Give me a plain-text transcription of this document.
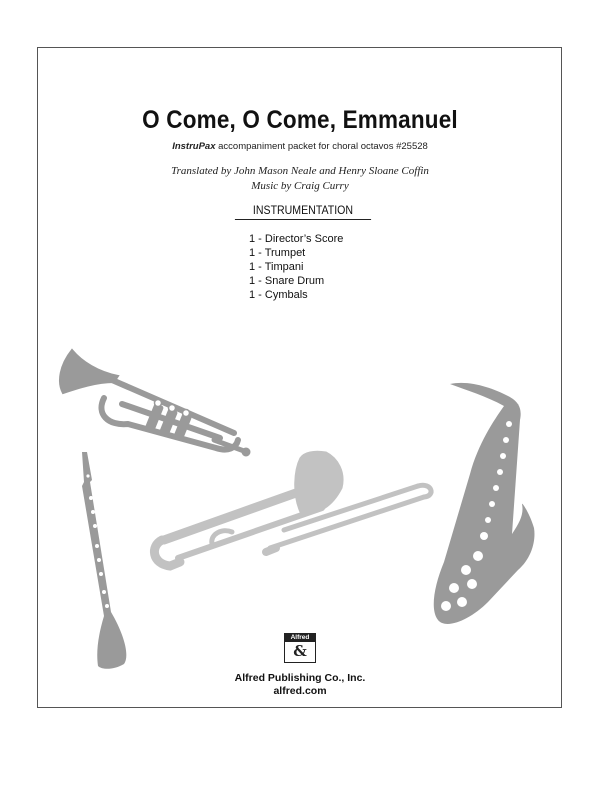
O Come, O Come, Emmanuel
InstruPax accompaniment packet for choral octavos #25528
Translated by John Mason Neale and Henry Sloane Coffin
Music by Craig Curry
INSTRUMENTATION
1 - Director’s Score
1 - Trumpet
1 - Timpani
1 - Snare Drum
1 - Cymbals
Alfred
&
Alfred Publishing Co., Inc.
alfred.com
